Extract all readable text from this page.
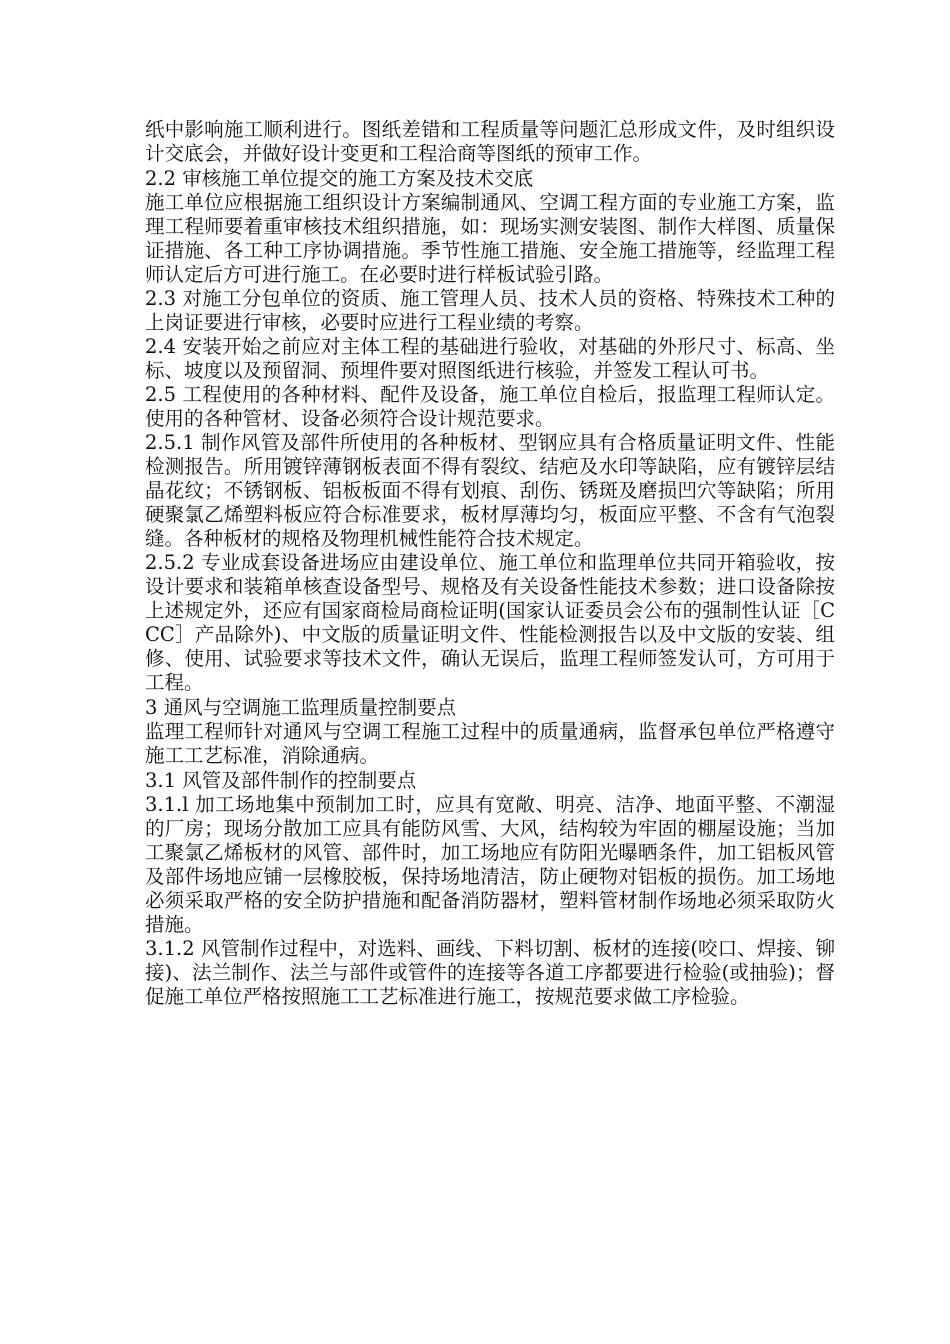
纸中影响施工顺利进行。图纸差错和工程质量等问题汇总形成文件，及时组织设计交底会，并做好设计变更和工程洽商等图纸的预审工作。

2.2 审核施工单位提交的施工方案及技术交底

施工单位应根据施工组织设计方案编制通风、空调工程方面的专业施工方案，监理工程师要着重审核技术组织措施，如：现场实测安装图、制作大样图、质量保证措施、各工种工序协调措施。季节性施工措施、安全施工措施等，经监理工程师认定后方可进行施工。在必要时进行样板试验引路。

2.3 对施工分包单位的资质、施工管理人员、技术人员的资格、特殊技术工种的上岗证要进行审核，必要时应进行工程业绩的考察。

2.4 安装开始之前应对主体工程的基础进行验收，对基础的外形尺寸、标高、坐标、坡度以及预留洞、预埋件要对照图纸进行核验，并签发工程认可书。

2.5 工程使用的各种材料、配件及设备，施工单位自检后，报监理工程师认定。使用的各种管材、设备必须符合设计规范要求。

2.5.1 制作风管及部件所使用的各种板材、型钢应具有合格质量证明文件、性能检测报告。所用镀锌薄钢板表面不得有裂纹、结疤及水印等缺陷，应有镀锌层结晶花纹；不锈钢板、铝板板面不得有划痕、刮伤、锈斑及磨损凹穴等缺陷；所用硬聚氯乙烯塑料板应符合标准要求，板材厚薄均匀，板面应平整、不含有气泡裂缝。各种板材的规格及物理机械性能符合技术规定。

2.5.2 专业成套设备进场应由建设单位、施工单位和监理单位共同开箱验收，按设计要求和装箱单核查设备型号、规格及有关设备性能技术参数；进口设备除按上述规定外，还应有国家商检局商检证明(国家认证委员会公布的强制性认证［CCC］产品除外)、中文版的质量证明文件、性能检测报告以及中文版的安装、组修、使用、试验要求等技术文件，确认无误后，监理工程师签发认可，方可用于工程。

3 通风与空调施工监理质量控制要点

监理工程师针对通风与空调工程施工过程中的质量通病，监督承包单位严格遵守施工工艺标准，消除通病。

3.1 风管及部件制作的控制要点

3.1.l 加工场地集中预制加工时，应具有宽敞、明亮、洁净、地面平整、不潮湿的厂房；现场分散加工应具有能防风雪、大风，结构较为牢固的棚屋设施；当加工聚氯乙烯板材的风管、部件时，加工场地应有防阳光曝晒条件，加工铝板风管及部件场地应铺一层橡胶板，保持场地清洁，防止硬物对铝板的损伤。加工场地必须采取严格的安全防护措施和配备消防器材，塑料管材制作场地必须采取防火措施。

3.1.2 风管制作过程中，对选料、画线、下料切割、板材的连接(咬口、焊接、铆接)、法兰制作、法兰与部件或管件的连接等各道工序都要进行检验(或抽验)；督促施工单位严格按照施工工艺标准进行施工，按规范要求做工序检验。
